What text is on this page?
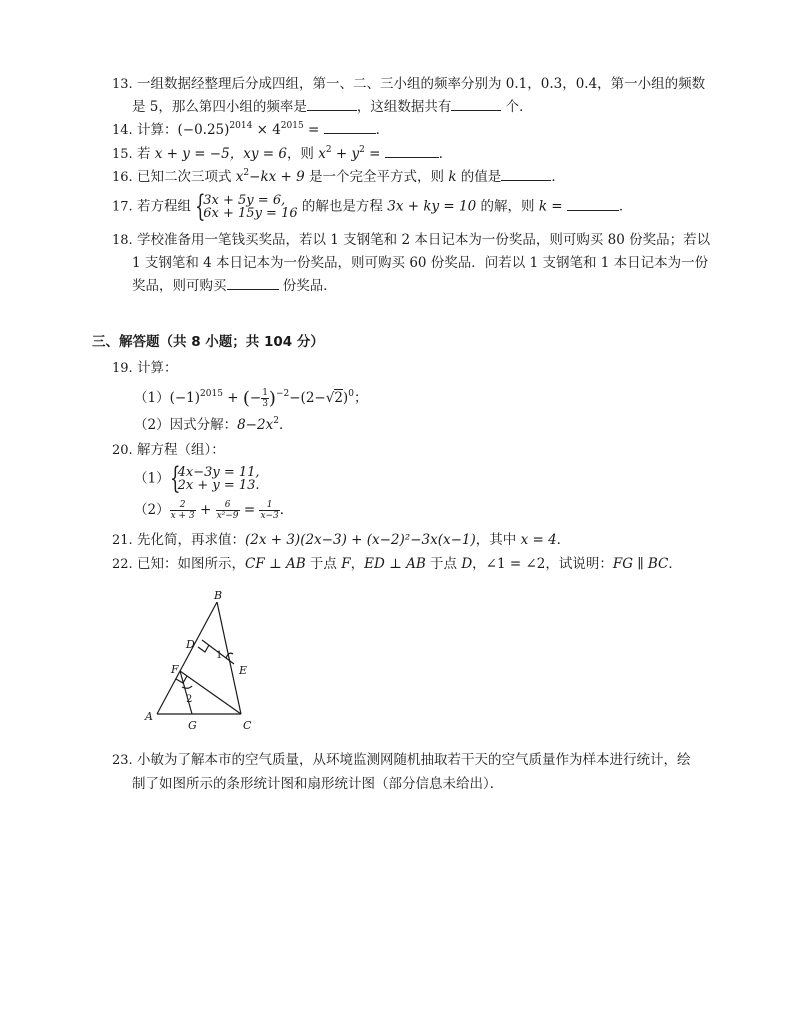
13. 一组数据经整理后分成四组，第一、二、三小组的频率分别为 0.1，0.3，0.4，第一小组的频数
是 5，那么第四小组的频率是	，这组数据共有	个．
14. 计算：$(-0.25)^{2014} \times 4^{2015}$ =	．
15. 若 x + y = −5，xy = 6，则 $x^2 + y^2$ =	．
16. 已知二次三项式 $x^2-kx + 9$ 是一个完全平方式，则 k 的值是	．
17. 若方程组 {
3x + 5y = 6,
6x + 15y = 16 的解也是方程 3x + ky = 10 的解，则 k =	．
18. 学校准备用一笔钱买奖品，若以 1 支钢笔和 2 本日记本为一份奖品，则可购买 80 份奖品；若以
1 支钢笔和 4 本日记本为一份奖品，则可购买 60 份奖品．问若以 1 支钢笔和 1 本日记本为一份
奖品，则可购买	份奖品．
三、解答题（共 8 小题；共 104 分）
19. 计算：
$(1)(-1)^{2015}$ + (− $\frac{1}{3} )^{-2}-(2-√2)^0$；
（2）因式分解：$8-2x^2$．
20. 解方程（组）：
（1） {
4x−3y = 11,
2x + y = 13.
$(2) \frac{2}{x + 3} + \frac{6}{\text{x²−9}} = \frac{1}{x-3}$ ．
21. 先化简，再求值：(2x + 3)(2x−3) + (x−2)²−3x(x−1)，其中 x = 4．
22. 已知：如图所示，CF ⊥ AB 于点 F，ED ⊥ AB 于点 D，∠1 = ∠2，试说明：FG ∥ BC．
B
D
F	E
A
G	C
1
2
23. 小敏为了解本市的空气质量，从环境监测网随机抽取若干天的空气质量作为样本进行统计，绘
制了如图所示的条形统计图和扇形统计图（部分信息未给出）．
